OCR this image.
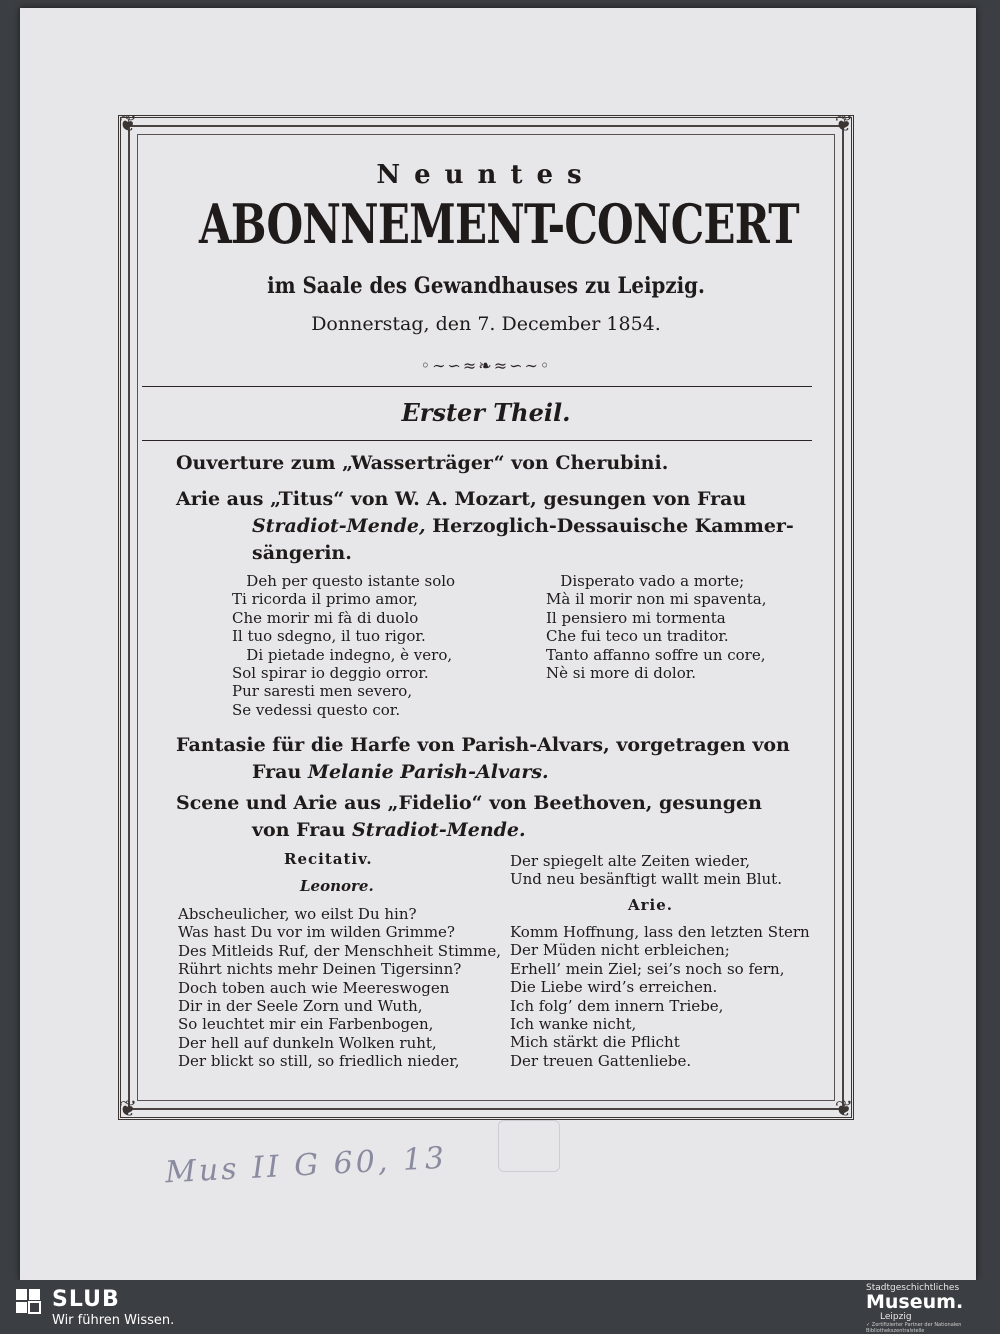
❦	❦
❦	❦
Neuntes
ABONNEMENT-CONCERT
im Saale des Gewandhauses zu Leipzig.
Donnerstag, den 7. December 1854.
◦∼∽≈❧≈∽∼◦
Erster Theil.
Ouverture zum „Wasserträger“ von Cherubini.
Arie aus „Titus“ von W. A. Mozart, gesungen von Frau
Stradiot-Mende, Herzoglich-Dessauische Kammer-
sängerin.
Deh per questo istante solo
Ti ricorda il primo amor,
Che morir mi fà di duolo
Il tuo sdegno, il tuo rigor.
Di pietade indegno, è vero,
Sol spirar io deggio orror.
Pur saresti men severo,
Se vedessi questo cor.
Disperato vado a morte;
Mà il morir non mi spaventa,
Il pensiero mi tormenta
Che fui teco un traditor.
Tanto affanno soffre un core,
Nè si more di dolor.
Fantasie für die Harfe von Parish-Alvars, vorgetragen von
Frau Melanie Parish-Alvars.
Scene und Arie aus „Fidelio“ von Beethoven, gesungen
von Frau Stradiot-Mende.
Recitativ.
Leonore.
Abscheulicher, wo eilst Du hin?
Was hast Du vor im wilden Grimme?
Des Mitleids Ruf, der Menschheit Stimme,
Rührt nichts mehr Deinen Tigersinn?
Doch toben auch wie Meereswogen
Dir in der Seele Zorn und Wuth,
So leuchtet mir ein Farbenbogen,
Der hell auf dunkeln Wolken ruht,
Der blickt so still, so friedlich nieder,
Der spiegelt alte Zeiten wieder,
Und neu besänftigt wallt mein Blut.
Arie.
Komm Hoffnung, lass den letzten Stern
Der Müden nicht erbleichen;
Erhell’ mein Ziel; sei’s noch so fern,
Die Liebe wird’s erreichen.
Ich folg’ dem innern Triebe,
Ich wanke nicht,
Mich stärkt die Pflicht
Der treuen Gattenliebe.
Mus II G 60, 13
SLUB
Wir führen Wissen.
Stadtgeschichtliches
Museum.
Leipzig
✓ Zertifizierter Partner der Nationalen Bibliothekszentralstelle
